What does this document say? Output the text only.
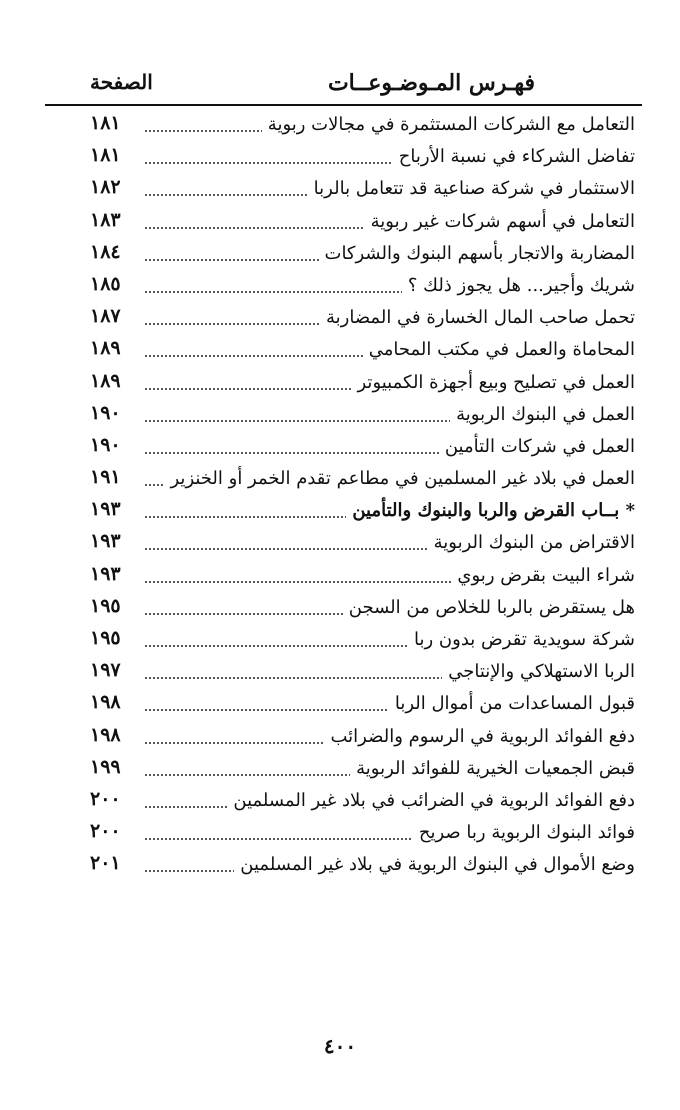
فهـرس المـوضـوعــات
الصفحة
التعامل مع الشركات المستثمرة في مجالات ربوية
١٨١
تفاضل الشركاء في نسبة الأرباح
١٨١
الاستثمار في شركة صناعية قد تتعامل بالربا
١٨٢
التعامل في أسهم شركات غير ربوية
١٨٣
المضاربة والاتجار بأسهم البنوك والشركات
١٨٤
شريك وأجير... هل يجوز ذلك ؟
١٨٥
تحمل صاحب المال الخسارة في المضاربة
١٨٧
المحاماة والعمل في مكتب المحامي
١٨٩
العمل في تصليح وبيع أجهزة الكمبيوتر
١٨٩
العمل في البنوك الربوية
١٩٠
العمل في شركات التأمين
١٩٠
العمل في بلاد غير المسلمين في مطاعم تقدم الخمر أو الخنزير
١٩١
* بــاب القرض والربا والبنوك والتأمين
١٩٣
الاقتراض من البنوك الربوية
١٩٣
شراء البيت بقرض ربوي
١٩٣
هل يستقرض بالربا للخلاص من السجن
١٩٥
شركة سويدية تقرض بدون ربا
١٩٥
الربا الاستهلاكي والإنتاجي
١٩٧
قبول المساعدات من أموال الربا
١٩٨
دفع الفوائد الربوية في الرسوم والضرائب
١٩٨
قبض الجمعيات الخيرية للفوائد الربوية
١٩٩
دفع الفوائد الربوية في الضرائب في بلاد غير المسلمين
٢٠٠
فوائد البنوك الربوية ربا صريح
٢٠٠
وضع الأموال في البنوك الربوية في بلاد غير المسلمين
٢٠١
٤٠٠
